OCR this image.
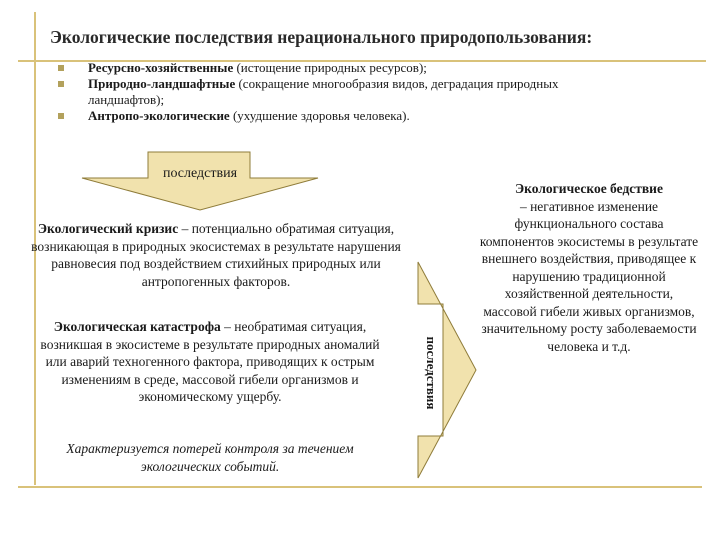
Экологические последствия нерационального природопользования:
Ресурсно-хозяйственные (истощение природных ресурсов);
Природно-ландшафтные (сокращение многообразия видов, деградация природных ландшафтов);
Антропо-экологические (ухудшение здоровья человека).
последствия
Экологический кризис – потенциально обратимая ситуация, возникающая в природных экосистемах в результате нарушения равновесия под воздействием стихийных природных или антропогенных факторов.
Экологическая катастрофа – необратимая ситуация, возникшая в экосистеме в результате природных аномалий или аварий техногенного фактора, приводящих к острым изменениям в среде, массовой гибели организмов и экономическому ущербу.
Характеризуется потерей контроля за течением экологических событий.
последствия
Экологическое бедствие
– негативное изменение функционального состава компонентов экосистемы в результате внешнего воздействия, приводящее к нарушению традиционной хозяйственной деятельности, массовой гибели живых организмов, значительному росту заболеваемости человека и т.д.
